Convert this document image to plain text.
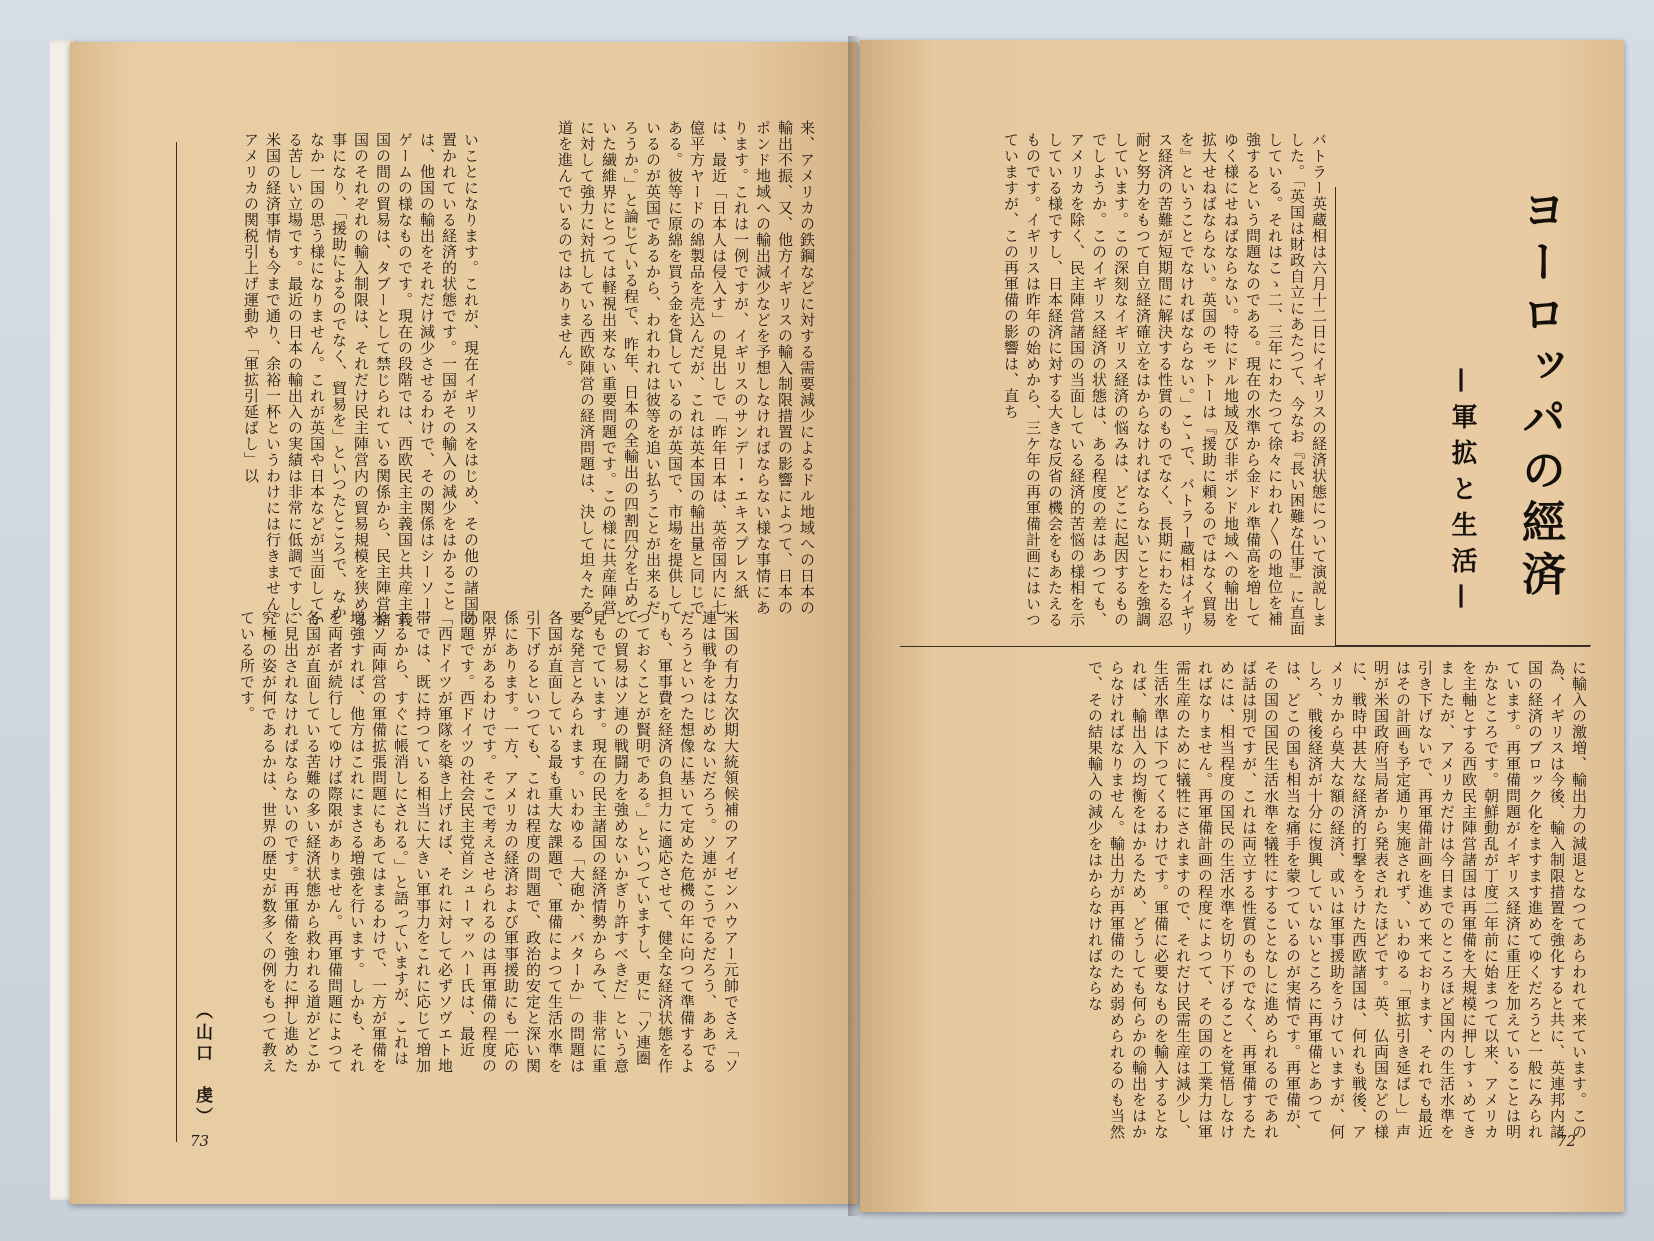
来、アメリカの鉄鋼などに対する需要減少によるドル地域への日本の輸出不振、又、他方イギリスの輸入制限措置の影響によつて、日本のポンド地域への輸出減少などを予想しなければならない様な事情にあります。これは一例ですが、イギリスのサンデー・エキスプレス紙は、最近「日本人は侵入す」の見出しで「昨年日本は、英帝国内に七億平方ヤードの綿製品を売込んだが、これは英本国の輸出量と同じである。彼等に原綿を買う金を貸しているのが英国で、市場を提供しているのが英国であるから、われわれは彼等を追い払うことが出来るだろうか。」と論じている程で、昨年、日本の全輸出の四割四分を占めていた繊維界にとつては軽視出来ない重要問題です。この様に共産陣営に対して強力に対抗している西欧陣営の経済問題は、決して坦々たる道を進んでいるのではありません。
いことになります。これが、現在イギリスをはじめ、その他の諸国の置かれている経済的状態です。一国がその輸入の減少をはかることは、他国の輸出をそれだけ減少させるわけで、その関係はシーソー・ゲームの様なものです。現在の段階では、西欧民主主義国と共産主義国の間の貿易は、タブーとして禁じられている関係から、民主陣営諸国のそれぞれの輸入制限は、それだけ民主陣営内の貿易規模を狭める事になり、「援助によるのでなく、貿易を」といつたところで、なかなか一国の思う様になりません。これが英国や日本などが当面している苦しい立場です。最近の日本の輸出入の実績は非常に低調ですし、米国の経済事情も今まで通り、余裕一杯というわけには行きません。アメリカの関税引上げ運動や「軍拡引延ばし」以
米国の有力な次期大統領候補のアイゼンハウアー元帥でさえ「ソ連は戦争をはじめないだろう。ソ連がこうでるだろう、ああでるだろうといつた想像に基いて定めた危機の年に向つて準備するよりも、軍事費を経済の負担力に適応させて、健全な経済状態を作つておくことが賢明である。」といつていますし、更に「ソ連圏との貿易はソ連の戦闘力を強めないかぎり許すべきだ」という意見もでています。現在の民主諸国の経済情勢からみて、非常に重要な発言とみられます。いわゆる「大砲か、バターか」の問題は各国が直面している最も重大な課題で、軍備によつて生活水準を引下げるといつても、これは程度の問題で、政治的安定と深い関係にあります。一方、アメリカの経済および軍事援助にも一応の限界があるわけです。そこで考えさせられるのは再軍備の程度の問題です。西ドイツの社会民主党首シューマッハー氏は、最近「西ドイツが軍隊を築き上げれば、それに対して必ずソヴエト地帯では、既に持つている相当に大きい軍事力をこれに応じて増加するから、すぐに帳消しにされる。」と語っていますが、これは米ソ両陣営の軍備拡張問題にもあてはまるわけで、一方が軍備を増強すれば、他方はこれにまさる増強を行います。しかも、それを両者が続行してゆけば際限がありません。再軍備問題によつて各国が直面している苦難の多い経済状態から救われる道がどこかに見出されなければならないのです。再軍備を強力に押し進めた究極の姿が何であるかは、世界の歴史が数多くの例をもつて教えている所です。
（山口　虔）
73
ヨーロッパの經済
—軍拡と生活—
バトラー英蔵相は六月十二日にイギリスの経済状態について演説しました。「英国は財政自立にあたつて、今なお『長い困難な仕事』に直面している。それはこゝ二、三年にわたつて徐々にわれ〳〵の地位を補強するという問題なのである。現在の水準から金ドル準備高を増してゆく様にせねばならない。特にドル地域及び非ポンド地域への輸出を拡大せねばならない。英国のモットーは『援助に頼るのではなく貿易を』ということでなければならない。」こゝで、バトラー蔵相はイギリス経済の苦難が短期間に解決する性質のものでなく、長期にわたる忍耐と努力をもつて自立経済確立をはからなければならないことを強調しています。この深刻なイギリス経済の悩みは、どこに起因するものでしようか。このイギリス経済の状態は、ある程度の差はあつても、アメリカを除く、民主陣営諸国の当面している経済的苦悩の様相を示している様ですし、日本経済に対する大きな反省の機会をもあたえるものです。イギリスは昨年の始めから、三ケ年の再軍備計画にはいつていますが、この再軍備の影響は、直ち
に輸入の激増、輸出力の減退となつてあらわれて来ています。この為、イギリスは今後、輸入制限措置を強化すると共に、英連邦内諸国の経済のブロック化をますます進めてゆくだろうと一般にみられています。再軍備問題がイギリス経済に重圧を加えていることは明かなところです。朝鮮動乱が丁度二年前に始まつて以来、アメリカを主軸とする西欧民主陣営諸国は再軍備を大規模に押しすゝめてきましたが、アメリカだけは今日までのところほど国内の生活水準を引き下げないで、再軍備計画を進めて来ております、それでも最近はその計画も予定通り実施されず、いわゆる「軍拡引き延ばし」声明が米国政府当局者から発表されたほどです。英、仏両国などの様に、戦時中甚大な経済的打撃をうけた西欧諸国は、何れも戦後、アメリカから莫大な額の経済、或いは軍事援助をうけていますが、何しろ、戦後経済が十分に復興していないところに再軍備とあつては、どこの国も相当な痛手を蒙つているのが実情です。再軍備が、その国の国民生活水準を犠牲にすることなしに進められるのであれば話は別ですが、これは両立する性質のものでなく、再軍備するためには、相当程度の国民の生活水準を切り下げることを覚悟しなければなりません。再軍備計画の程度によつて、その国の工業力は軍需生産のために犠牲にされますので、それだけ民需生産は減少し、生活水準は下つてくるわけです。軍備に必要なものを輸入するとなれば、輸出入の均衡をはかるため、どうしても何らかの輸出をはからなければなりません。輸出力が再軍備のため弱められるのも当然で、その結果輸入の減少をはからなければならな
72
